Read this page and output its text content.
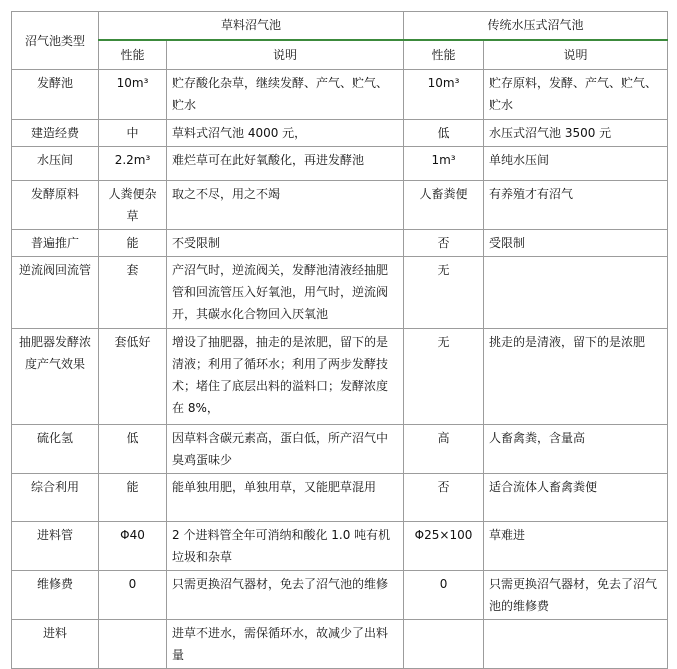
沼气池类型	草料沼气池		传统水压式沼气池	
	性能	说明	性能	说明
发酵池	10m³	贮存酸化杂草，继续发酵、产气、贮气、贮水	10m³	贮存原料，发酵、产气、贮气、贮水
建造经费	中	草料式沼气池 4000 元，	低	水压式沼气池 3500 元
水压间	2.2m³	难烂草可在此好氧酸化，再进发酵池	1m³	单纯水压间
发酵原料	人粪便杂草	取之不尽，用之不竭	人畜粪便	有养殖才有沼气
普遍推广	能	不受限制	否	受限制
逆流阀回流管	套	产沼气时，逆流阀关，发酵池清液经抽肥管和回流管压入好氧池，用气时，逆流阀开，其碳水化合物回入厌氧池	无	
抽肥器发酵浓度产气效果	套低好	增设了抽肥器，抽走的是浓肥，留下的是清液；利用了循环水；利用了两步发酵技术；堵住了底层出料的溢料口；发酵浓度在 8%，	无	挑走的是清液，留下的是浓肥
硫化氢	低	因草料含碳元素高，蛋白低，所产沼气中臭鸡蛋味少	高	人畜禽粪，含量高
综合利用	能	能单独用肥，单独用草，又能肥草混用	否	适合流体人畜禽粪便
进料管	Φ40	2 个进料管全年可消纳和酸化 1.0 吨有机垃圾和杂草	Φ25×100	草难进
维修费	0	只需更换沼气器材，免去了沼气池的维修	0	只需更换沼气器材，免去了沼气池的维修费
进料		进草不进水，需保循环水，故减少了出料量		
